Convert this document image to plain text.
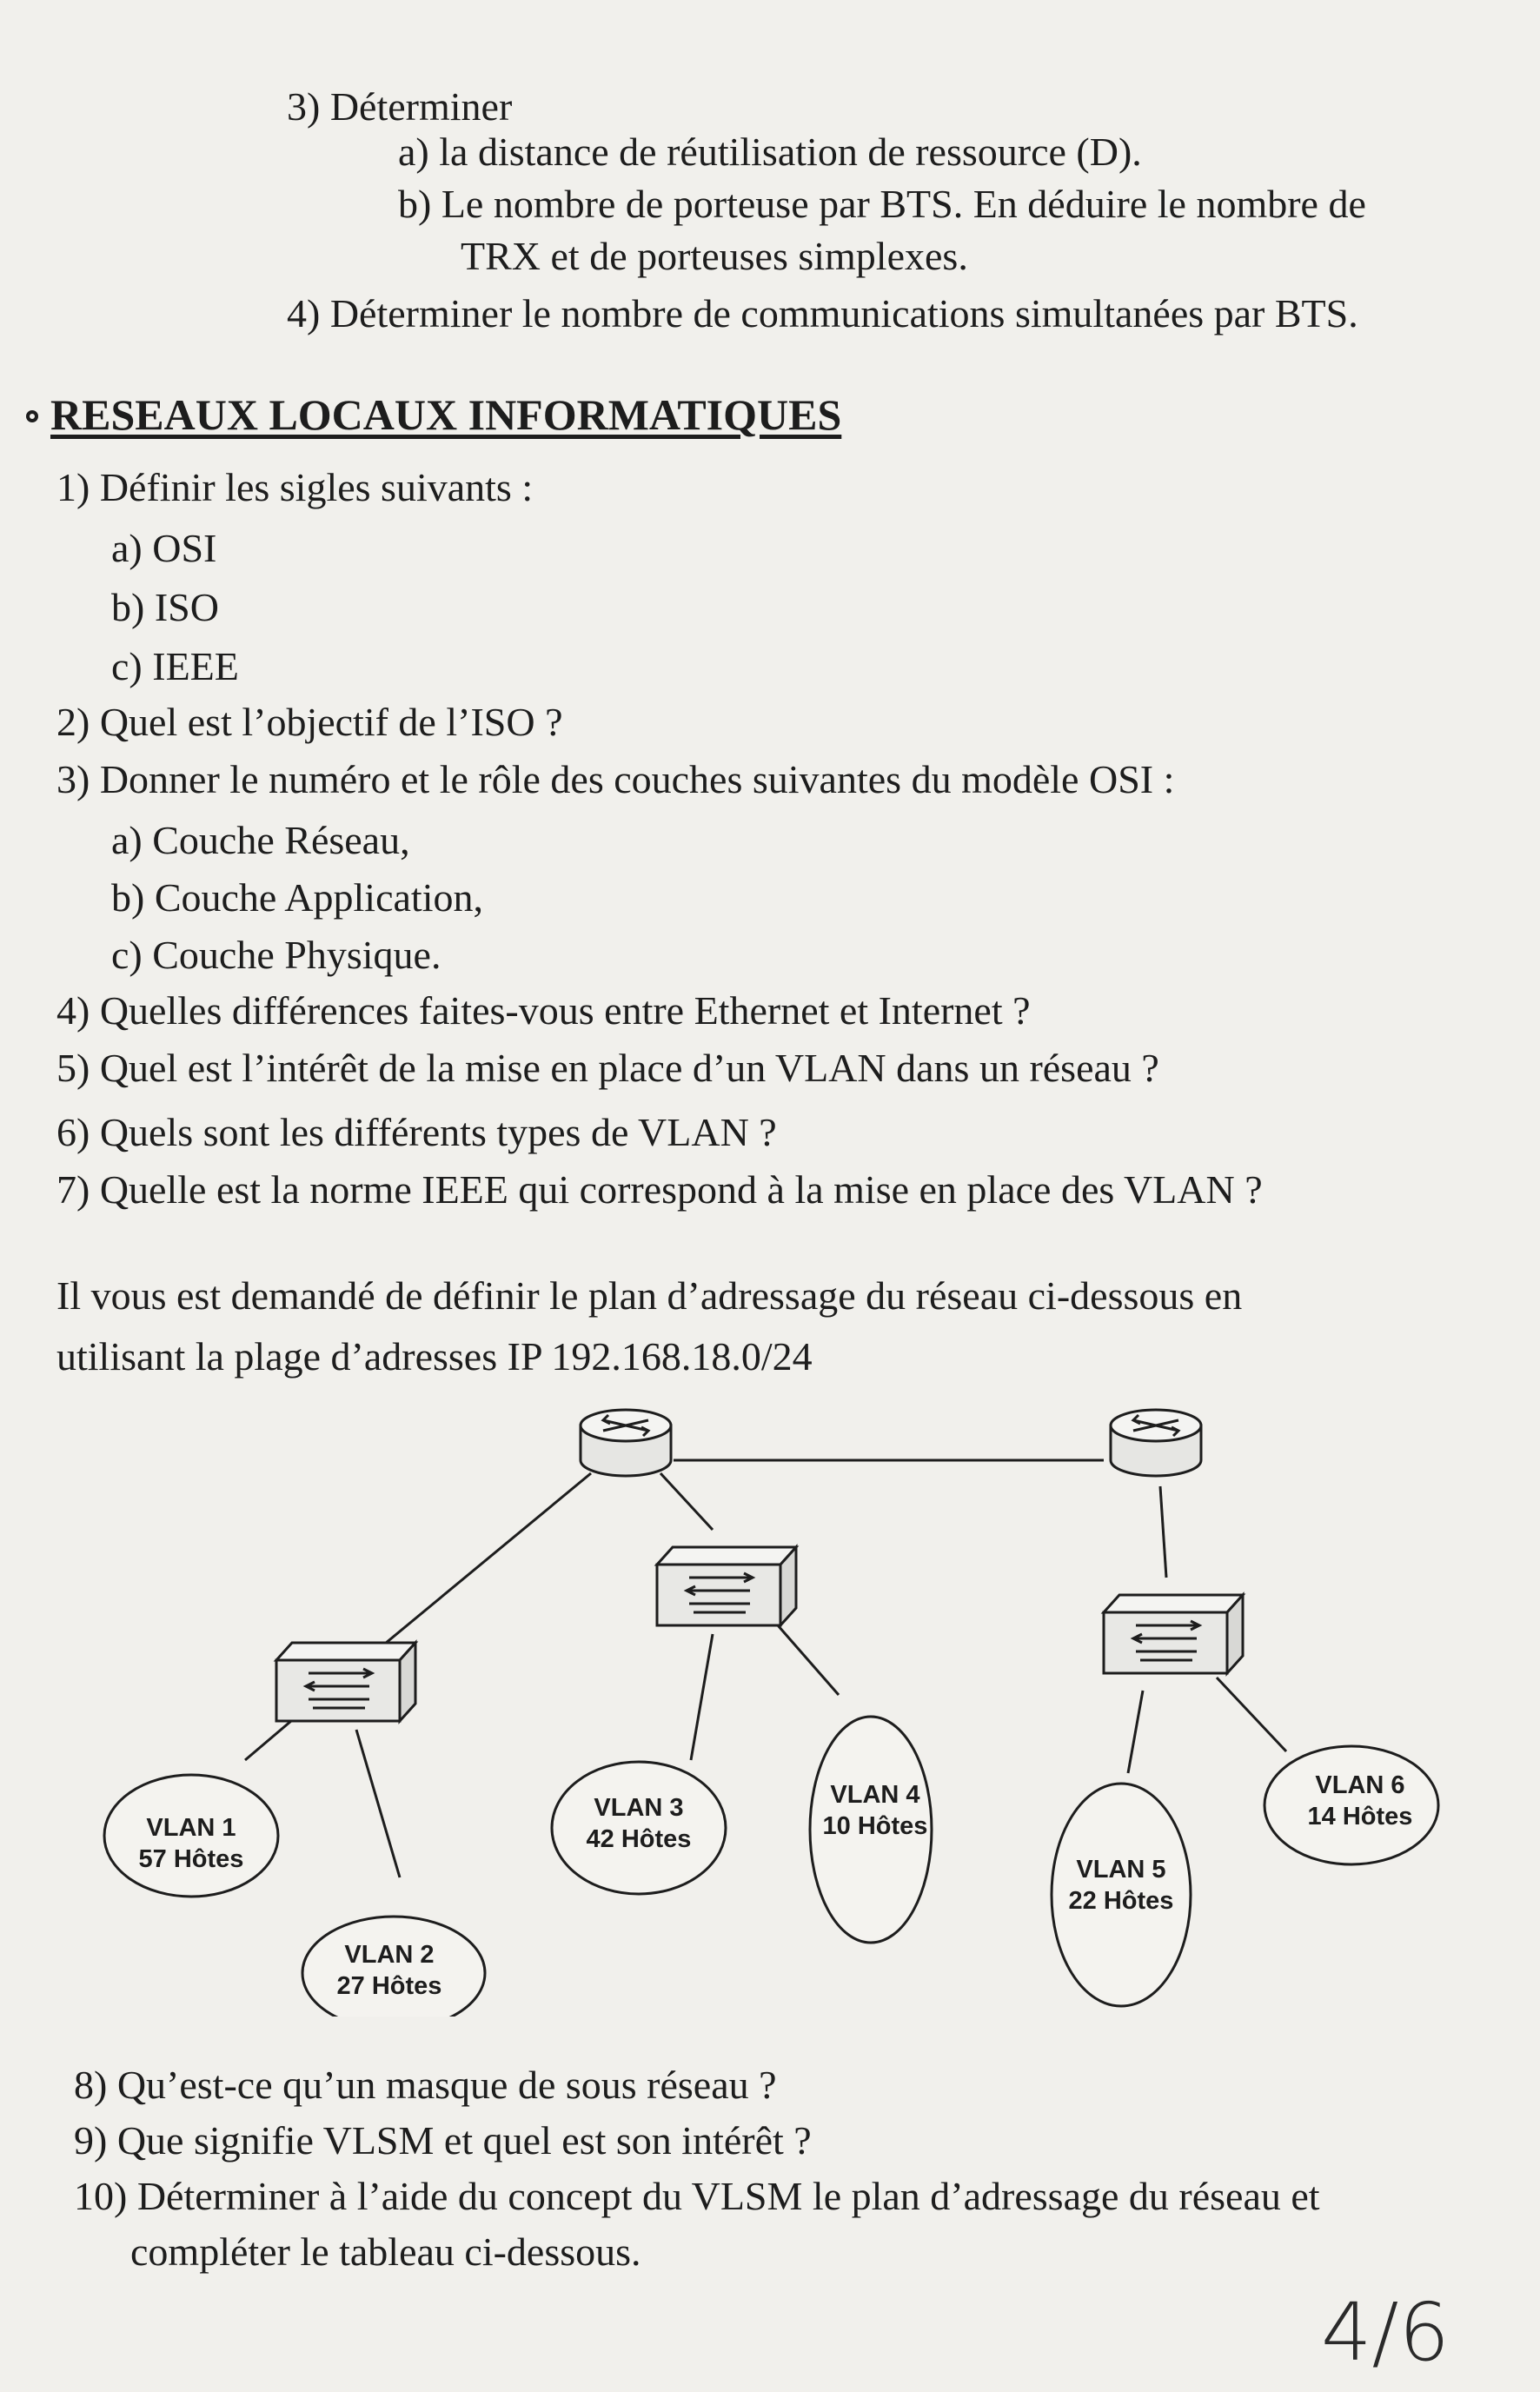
3) Déterminer
a) la distance de réutilisation de ressource (D).
b) Le nombre de porteuse par BTS. En déduire le nombre de
TRX et de porteuses simplexes.
4) Déterminer le nombre de communications simultanées par BTS.
RESEAUX LOCAUX INFORMATIQUES
1) Définir les sigles suivants :
a) OSI
b) ISO
c) IEEE
2) Quel est l’objectif de l’ISO ?
3) Donner le numéro et le rôle des couches suivantes du modèle OSI :
a) Couche Réseau,
b) Couche Application,
c) Couche Physique.
4) Quelles différences faites-vous entre Ethernet et Internet ?
5) Quel est l’intérêt de la mise en place d’un VLAN dans un réseau ?
6) Quels sont les différents types de VLAN ?
7) Quelle est la norme IEEE qui correspond à la mise en place des VLAN ?
Il vous est demandé de définir le plan d’adressage du réseau ci-dessous en
utilisant la plage d’adresses IP 192.168.18.0/24
VLAN 1
57 Hôtes
VLAN 2
27 Hôtes
VLAN 3
42 Hôtes
VLAN 4
10 Hôtes
VLAN 5
22 Hôtes
VLAN 6
14 Hôtes
8) Qu’est-ce qu’un masque de sous réseau ?
9) Que signifie VLSM et quel est son intérêt ?
10) Déterminer à l’aide du concept du VLSM le plan d’adressage du réseau et
compléter le tableau ci-dessous.
4/6
